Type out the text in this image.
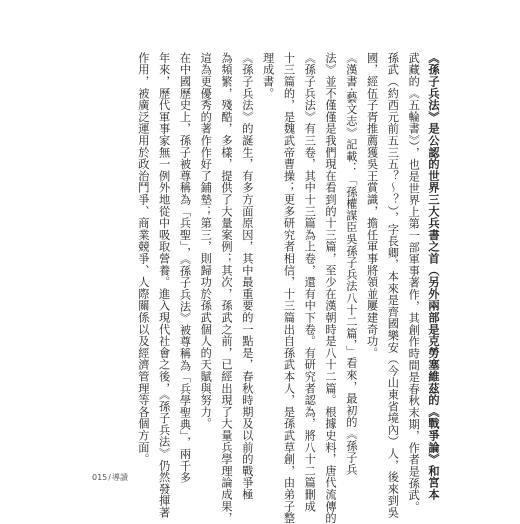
《孫子兵法》是公認的世界三大兵書之首（另外兩部是克勞塞維茲的《戰爭論》和宮本
武藏的《五輪書》），也是世界上第一部軍事著作，其創作時間是春秋末期，作者是孫武。
孫武（約西元前五三五？～？），字長卿，本來是齊國樂安（今山東省境內）人，後來到吳
國，經伍子胥推薦獲吳王賞識，擔任軍事將領並屢建奇功。
《漢書·藝文志》記載：「孫權謀臣吳孫子兵法八十二篇，」看來，最初的《孫子兵
法》並不僅僅是我們現在看到的十三篇，至少在漢朝時是八十二篇。根據史料，唐代流傳的
《孫子兵法》有三卷，其中十三篇為上卷，還有中下卷。有研究者認為，將八十二篇刪成
十三篇的，是魏武帝曹操；更多研究者相信，十三篇出自孫武本人，是孫武草創，由弟子整
理成書。
《孫子兵法》的誕生，有多方面原因，其中最重要的一點是，春秋時期及以前的戰爭極
為頻繁，殘酷，多樣，提供了大量案例；其次，孫武之前，已經出現了大量兵學理論成果，
這為更優秀的著作作好了鋪墊；第三，則歸功於孫武個人的天賦與努力。
在中國歷史上，孫子被尊稱為「兵聖」，《孫子兵法》被尊稱為「兵學聖典」，兩千多
年來，歷代軍事家無一例外地從中吸取營養。進入現代社會之後，《孫子兵法》仍然發揮著
作用，被廣泛運用於政治鬥爭、商業競爭、人際關係以及經濟管理等各個方面。
015/導讀
